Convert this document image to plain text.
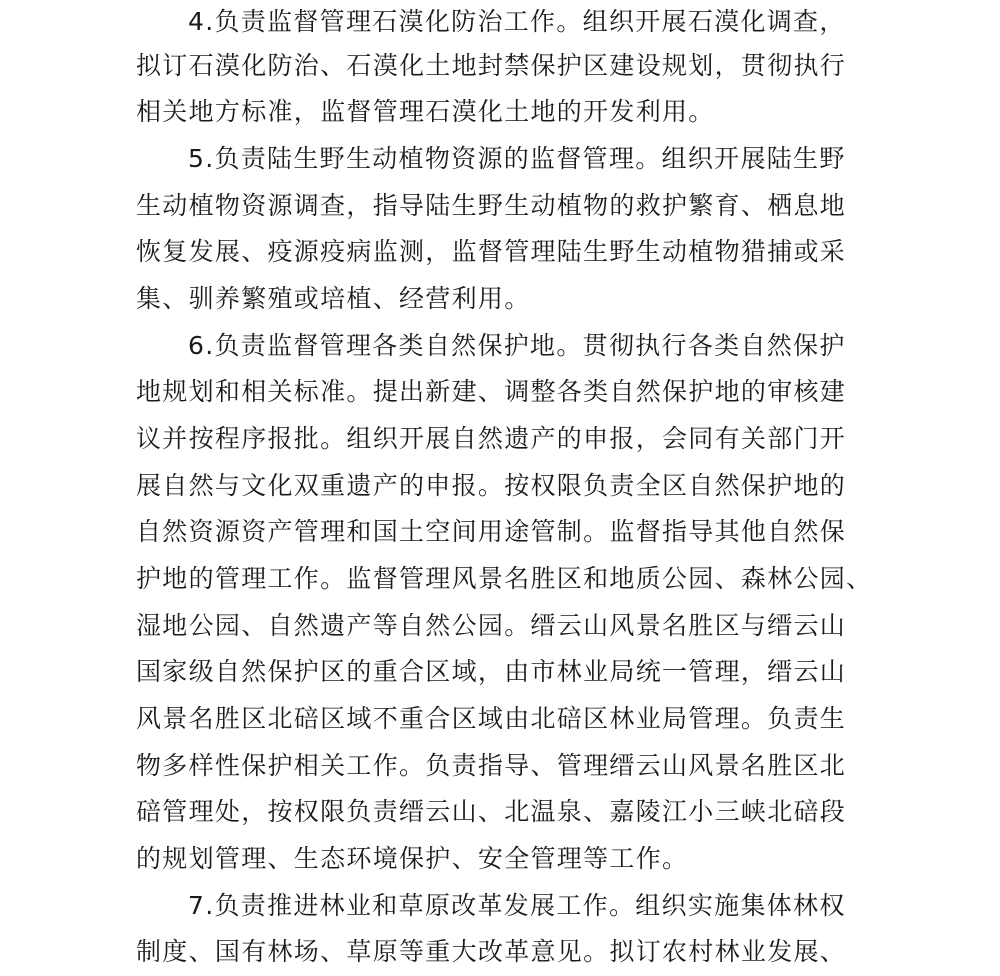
4.负责监督管理石漠化防治工作。组织开展石漠化调查，
拟订石漠化防治、石漠化土地封禁保护区建设规划，贯彻执行
相关地方标准，监督管理石漠化土地的开发利用。
5.负责陆生野生动植物资源的监督管理。组织开展陆生野
生动植物资源调查，指导陆生野生动植物的救护繁育、栖息地
恢复发展、疫源疫病监测，监督管理陆生野生动植物猎捕或采
集、驯养繁殖或培植、经营利用。
6.负责监督管理各类自然保护地。贯彻执行各类自然保护
地规划和相关标准。提出新建、调整各类自然保护地的审核建
议并按程序报批。组织开展自然遗产的申报，会同有关部门开
展自然与文化双重遗产的申报。按权限负责全区自然保护地的
自然资源资产管理和国土空间用途管制。监督指导其他自然保
护地的管理工作。监督管理风景名胜区和地质公园、森林公园、
湿地公园、自然遗产等自然公园。缙云山风景名胜区与缙云山
国家级自然保护区的重合区域，由市林业局统一管理，缙云山
风景名胜区北碚区域不重合区域由北碚区林业局管理。负责生
物多样性保护相关工作。负责指导、管理缙云山风景名胜区北
碚管理处，按权限负责缙云山、北温泉、嘉陵江小三峡北碚段
的规划管理、生态环境保护、安全管理等工作。
7.负责推进林业和草原改革发展工作。组织实施集体林权
制度、国有林场、草原等重大改革意见。拟订农村林业发展、
